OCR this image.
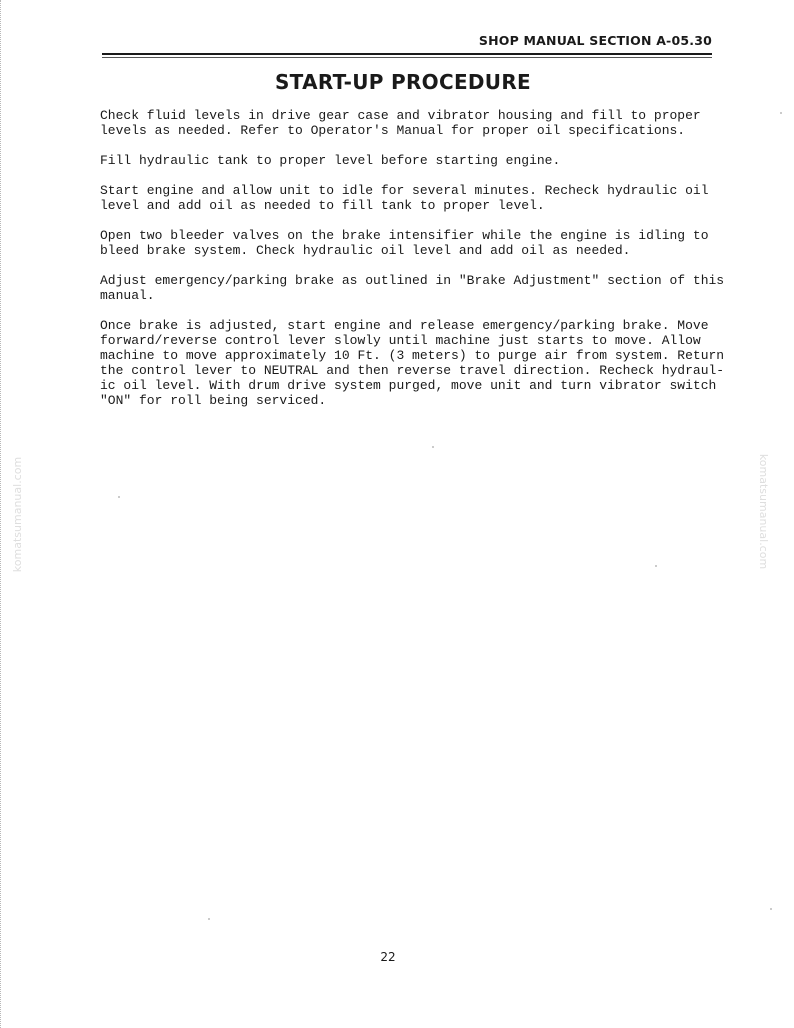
SHOP MANUAL SECTION A-05.30
START-UP PROCEDURE

Check fluid levels in drive gear case and vibrator housing and fill to proper
levels as needed. Refer to Operator's Manual for proper oil specifications.

Fill hydraulic tank to proper level before starting engine.

Start engine and allow unit to idle for several minutes. Recheck hydraulic oil
level and add oil as needed to fill tank to proper level.

Open two bleeder valves on the brake intensifier while the engine is idling to
bleed brake system. Check hydraulic oil level and add oil as needed.

Adjust emergency/parking brake as outlined in "Brake Adjustment" section of this
manual.

Once brake is adjusted, start engine and release emergency/parking brake. Move
forward/reverse control lever slowly until machine just starts to move. Allow
machine to move approximately 10 Ft. (3 meters) to purge air from system. Return
the control lever to NEUTRAL and then reverse travel direction. Recheck hydraul-
ic oil level. With drum drive system purged, move unit and turn vibrator switch
"ON" for roll being serviced.

komatsumanual.com	komatsumanual.com
22
